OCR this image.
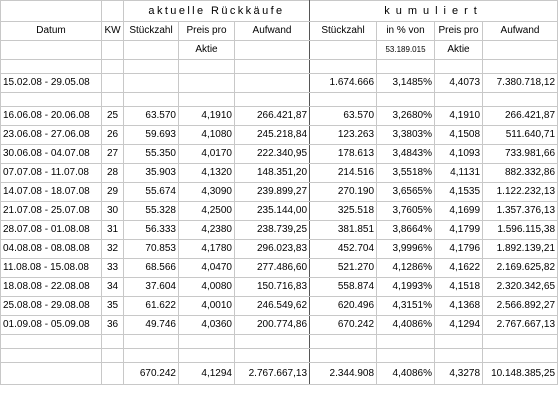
		aktuelle Rückkäufe			kumuliert			
Datum	KW	Stückzahl	Preis pro	Aufwand	Stückzahl	in % von	Preis pro	Aufwand
			Aktie			53.189.015	Aktie	

15.02.08 - 29.05.08					1.674.666	3,1485%	4,4073	7.380.718,12

16.06.08 - 20.06.08	25	63.570	4,1910	266.421,87	63.570	3,2680%	4,1910	266.421,87
23.06.08 - 27.06.08	26	59.693	4,1080	245.218,84	123.263	3,3803%	4,1508	511.640,71
30.06.08 - 04.07.08	27	55.350	4,0170	222.340,95	178.613	3,4843%	4,1093	733.981,66
07.07.08 - 11.07.08	28	35.903	4,1320	148.351,20	214.516	3,5518%	4,1131	882.332,86
14.07.08 - 18.07.08	29	55.674	4,3090	239.899,27	270.190	3,6565%	4,1535	1.122.232,13
21.07.08 - 25.07.08	30	55.328	4,2500	235.144,00	325.518	3,7605%	4,1699	1.357.376,13
28.07.08 - 01.08.08	31	56.333	4,2380	238.739,25	381.851	3,8664%	4,1799	1.596.115,38
04.08.08 - 08.08.08	32	70.853	4,1780	296.023,83	452.704	3,9996%	4,1796	1.892.139,21
11.08.08 - 15.08.08	33	68.566	4,0470	277.486,60	521.270	4,1286%	4,1622	2.169.625,82
18.08.08 - 22.08.08	34	37.604	4,0080	150.716,83	558.874	4,1993%	4,1518	2.320.342,65
25.08.08 - 29.08.08	35	61.622	4,0010	246.549,62	620.496	4,3151%	4,1368	2.566.892,27
01.09.08 - 05.09.08	36	49.746	4,0360	200.774,86	670.242	4,4086%	4,1294	2.767.667,13

		670.242	4,1294	2.767.667,13	2.344.908	4,4086%	4,3278	10.148.385,25
